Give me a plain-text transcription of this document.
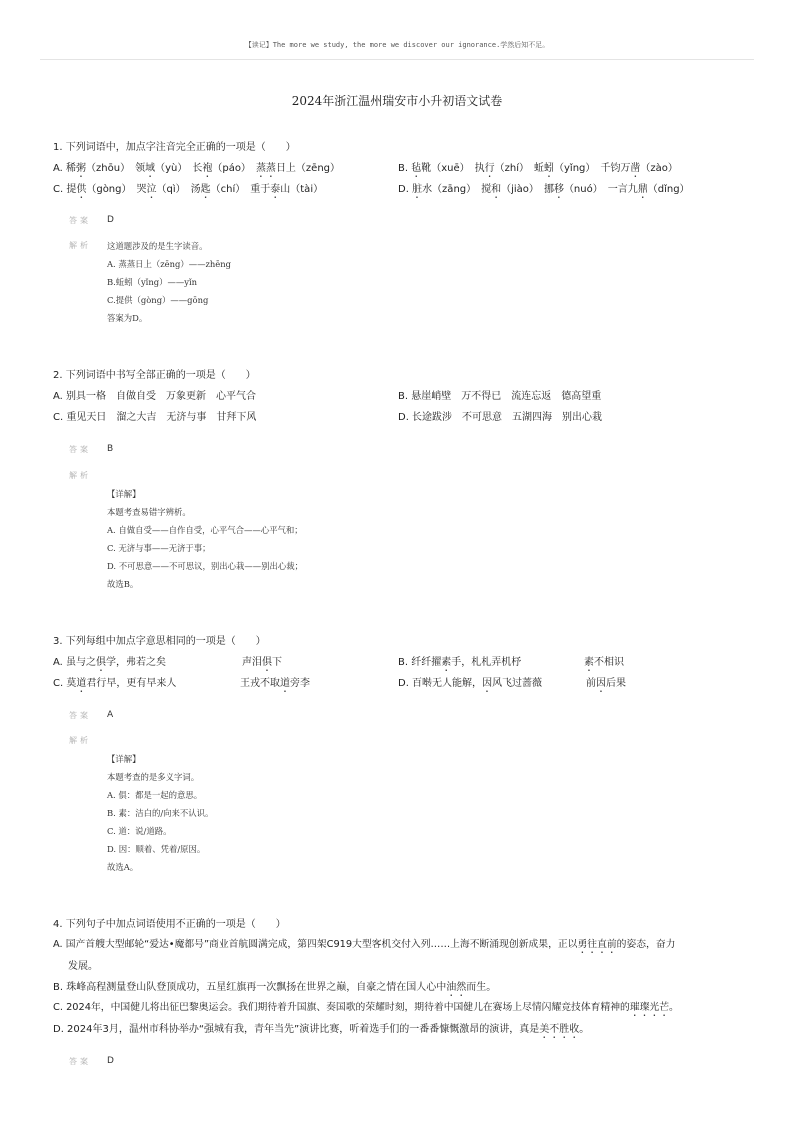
【读记】The more we study, the more we discover our ignorance.学然后知不足。
2024年浙江温州瑞安市小升初语文试卷
1. 下列词语中，加点字注音完全正确的一项是（　　）
A. 稀粥（zhōu）　 领域（yù）　 长袍（páo）　 蒸蒸日上（zēng）	B. 毡靴（xuē）　 执行（zhí）　 蚯蚓（yǐng）　 千钧万凿（zào）
C. 提供（gòng）　 哭泣（qì）　 汤匙（chí）　 重于泰山（tài）	D. 脏水（zāng）　 搅和（jiào）　 挪移（nuó）　 一言九鼎（dǐng）
答案 D
解析 这道题涉及的是生字读音。
A. 蒸蒸日上（zēng）——zhēng
B.蚯蚓（yǐng）——yǐn
C.提供（gòng）——gōng
答案为D。
2. 下列词语中书写全部正确的一项是（　　）
A. 别具一格　自做自受　万象更新　心平气合	B. 悬崖峭壁　万不得已　流连忘返　德高望重
C. 重见天日　溜之大吉　无济与事　甘拜下风	D. 长途跋涉　不可思意　五湖四海　别出心栽
答案 B
解析
【详解】
本题考查易错字辨析。
A. 自做自受——自作自受，心平气合——心平气和；
C. 无济与事——无济于事；
D. 不可思意——不可思议，别出心栽——别出心裁；
故选B。
3. 下列每组中加点字意思相同的一项是（　　）
A. 虽与之俱学，弗若之矣	声泪俱下	B. 纤纤擢素手，札札弄机杼	素不相识
C. 莫道君行早，更有早来人	王戎不取道旁李	D. 百啭无人能解，因风飞过蔷薇	前因后果
答案 A
解析
【详解】
本题考查的是多义字词。
A. 俱：都是一起的意思。
B. 素：洁白的/向来不认识。
C. 道：说/道路。
D. 因：顺着、凭着/原因。
故选A。
4. 下列句子中加点词语使用不正确的一项是（　　）
A. 国产首艘大型邮轮“爱达•魔都号”商业首航圆满完成，第四架C919大型客机交付入列……上海不断涌现创新成果，正以勇往直前的姿态，奋力
发展。
B. 珠峰高程测量登山队登顶成功，五星红旗再一次飘扬在世界之巅，自豪之情在国人心中油然而生。
C. 2024年，中国健儿将出征巴黎奥运会。我们期待着升国旗、奏国歌的荣耀时刻，期待着中国健儿在赛场上尽情闪耀竞技体育精神的璀璨光芒。
D. 2024年3月，温州市科协举办“强城有我，青年当先”演讲比赛，听着选手们的一番番慷慨激昂的演讲，真是美不胜收。
答案 D
